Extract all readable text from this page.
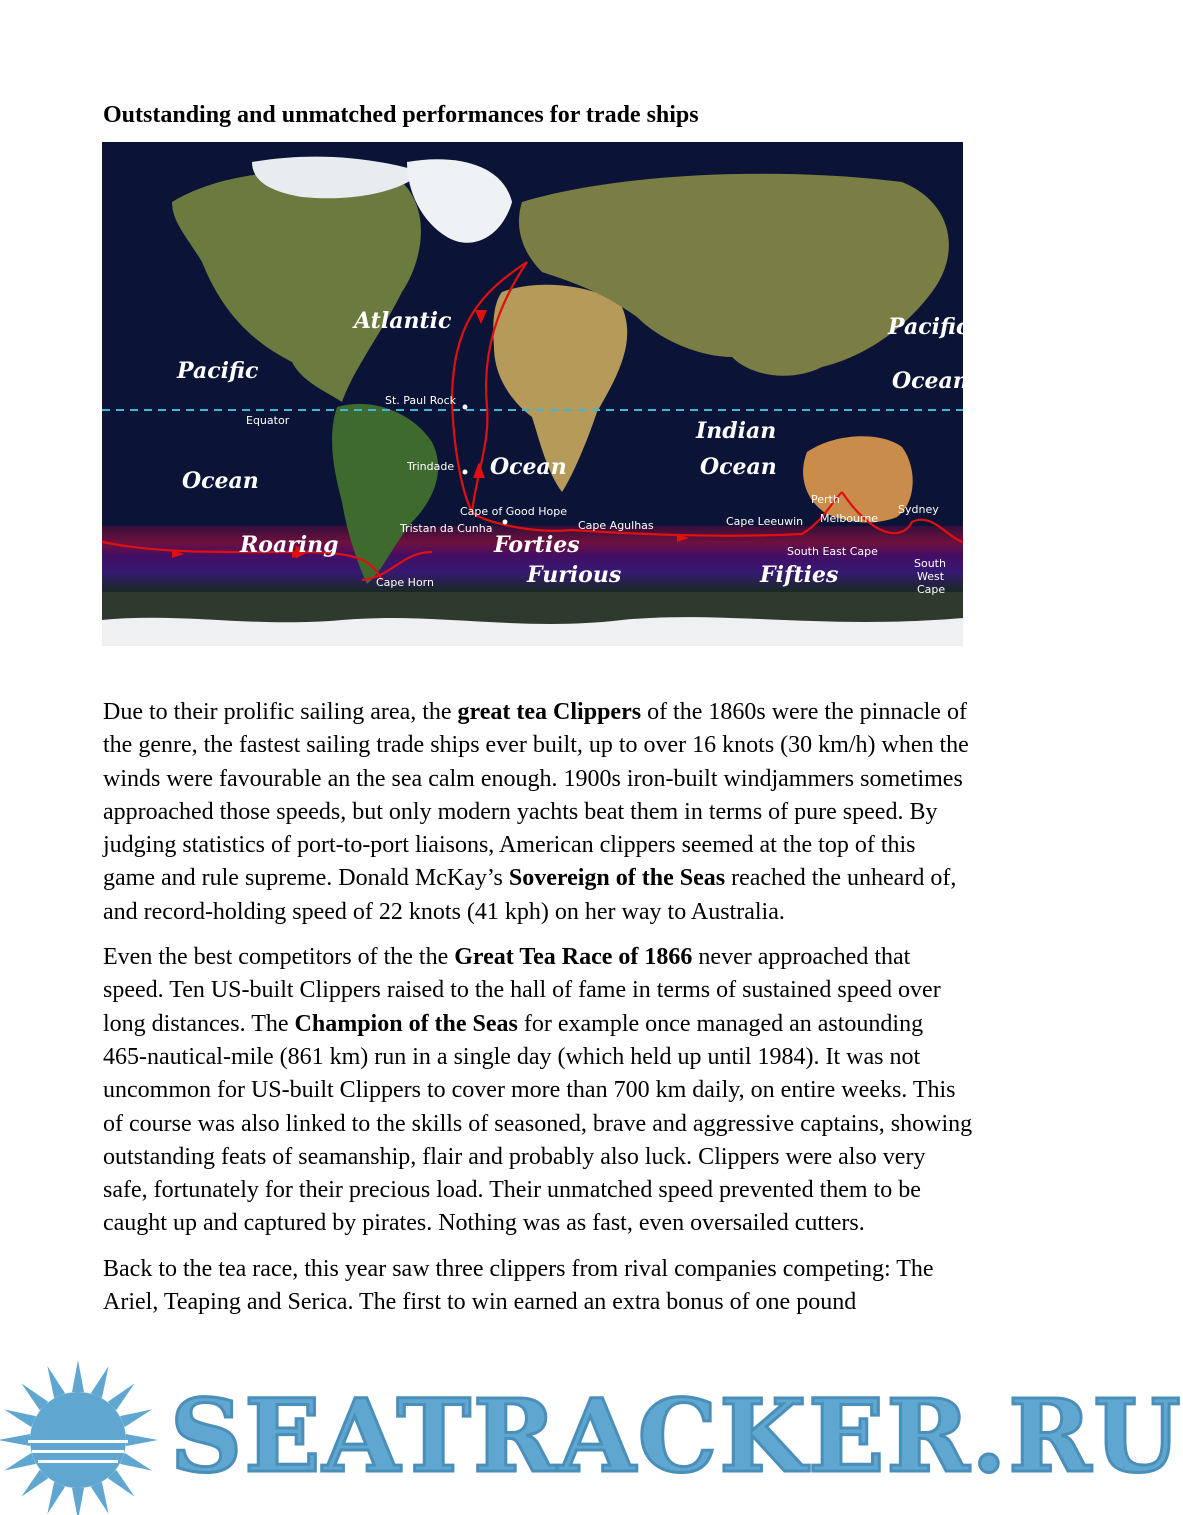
Outstanding and unmatched performances for trade ships
Atlantic
Pacific
Ocean
Ocean
Indian
Ocean
Pacific
Ocean
Roaring	Forties
Furious	Fifties
Equator
St. Paul Rock
Trindade
Cape of Good Hope
Tristan da Cunha	Cape Agulhas	Cape Leeuwin
Perth
Melbourne
Sydney
South East Cape
South
West
Cape
Cape Horn

Due to their prolific sailing area, the great tea Clippers of the 1860s were the pinnacle of the genre, the fastest sailing trade ships ever built, up to over 16 knots (30 km/h) when the winds were favourable an the sea calm enough. 1900s iron-built windjammers sometimes approached those speeds, but only modern yachts beat them in terms of pure speed. By judging statistics of port-to-port liaisons, American clippers seemed at the top of this game and rule supreme. Donald McKay’s Sovereign of the Seas reached the unheard of, and record-holding speed of 22 knots (41 kph) on her way to Australia.

Even the best competitors of the the Great Tea Race of 1866 never approached that speed. Ten US-built Clippers raised to the hall of fame in terms of sustained speed over long distances. The Champion of the Seas for example once managed an astounding 465-nautical-mile (861 km) run in a single day (which held up until 1984). It was not uncommon for US-built Clippers to cover more than 700 km daily, on entire weeks. This of course was also linked to the skills of seasoned, brave and aggressive captains, showing outstanding feats of seamanship, flair and probably also luck. Clippers were also very safe, fortunately for their precious load. Their unmatched speed prevented them to be caught up and captured by pirates. Nothing was as fast, even oversailed cutters.

Back to the tea race, this year saw three clippers from rival companies competing: The Ariel, Teaping and Serica. The first to win earned an extra bonus of one pound

SEATRACKER.RU
